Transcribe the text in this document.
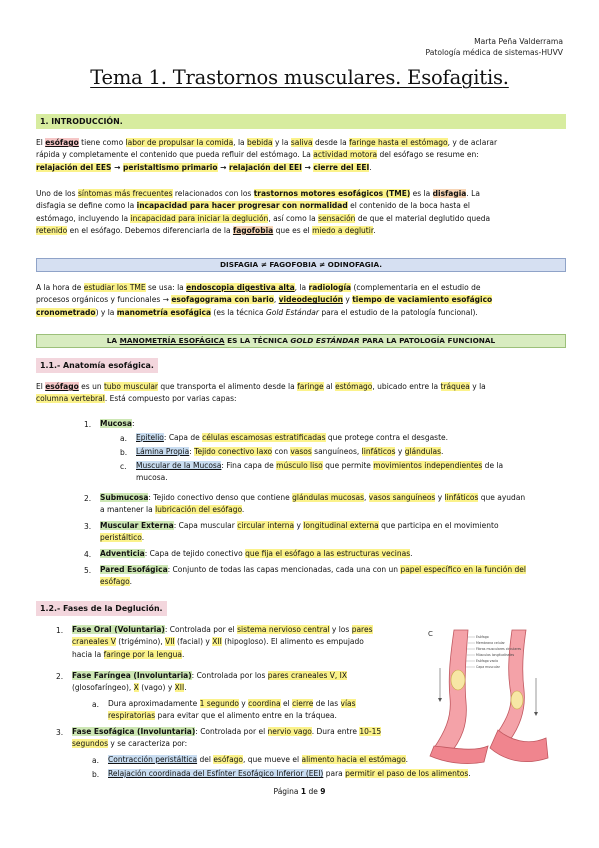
Marta Peña Valderrama
Patología médica de sistemas-HUVV
Tema 1. Trastornos musculares. Esofagitis.
1. INTRODUCCIÓN.
El esófago tiene como labor de propulsar la comida, la bebida y la saliva desde la faringe hasta el estómago, y de aclarar
rápida y completamente el contenido que pueda refluir del estómago. La actividad motora del esófago se resume en:
relajación del EES → peristaltismo primario → relajación del EEI → cierre del EEI.
Uno de los síntomas más frecuentes relacionados con los trastornos motores esofágicos (TME) es la disfagia. La
disfagia se define como la incapacidad para hacer progresar con normalidad el contenido de la boca hasta el
estómago, incluyendo la incapacidad para iniciar la deglución, así como la sensación de que el material deglutido queda
retenido en el esófago. Debemos diferenciarla de la fagofobia que es el miedo a deglutir.
DISFAGIA ≠ FAGOFOBIA ≠ ODINOFAGIA.
A la hora de estudiar los TME se usa: la endoscopia digestiva alta, la radiología (complementaria en el estudio de
procesos orgánicos y funcionales → esofagograma con bario, videodeglución y tiempo de vaciamiento esofágico
cronometrado) y la manometría esofágica (es la técnica Gold Estándar para el estudio de la patología funcional).
LA MANOMETRÍA ESOFÁGICA ES LA TÉCNICA GOLD ESTÁNDAR PARA LA PATOLOGÍA FUNCIONAL
1.1.- Anatomía esofágica.
El esófago es un tubo muscular que transporta el alimento desde la faringe al estómago, ubicado entre la tráquea y la
columna vertebral. Está compuesto por varias capas:
1. Mucosa:
a. Epitelio: Capa de células escamosas estratificadas que protege contra el desgaste.
b. Lámina Propia: Tejido conectivo laxo con vasos sanguíneos, linfáticos y glándulas.
c. Muscular de la Mucosa: Fina capa de músculo liso que permite movimientos independientes de la
mucosa.
2. Submucosa: Tejido conectivo denso que contiene glándulas mucosas, vasos sanguíneos y linfáticos que ayudan
a mantener la lubricación del esófago.
3. Muscular Externa: Capa muscular circular interna y longitudinal externa que participa en el movimiento
peristáltico.
4. Adventicia: Capa de tejido conectivo que fija el esófago a las estructuras vecinas.
5. Pared Esofágica: Conjunto de todas las capas mencionadas, cada una con un papel específico en la función del
esófago.
1.2.- Fases de la Deglución.
1. Fase Oral (Voluntaria): Controlada por el sistema nervioso central y los pares
craneales V (trigémino), VII (facial) y XII (hipogloso). El alimento es empujado
hacia la faringe por la lengua.
2. Fase Faríngea (Involuntaria): Controlada por los pares craneales V, IX
(glosofaríngeo), X (vago) y XII.
a. Dura aproximadamente 1 segundo y coordina el cierre de las vías
respiratorias para evitar que el alimento entre en la tráquea.
3. Fase Esofágica (Involuntaria): Controlada por el nervio vago. Dura entre 10-15
segundos y se caracteriza por:
a. Contracción peristáltica del esófago, que mueve el alimento hacia el estómago.
b. Relajación coordinada del Esfínter Esofágico Inferior (EEI) para permitir el paso de los alimentos.
C	Esófago
Membrana celular
Fibras musculares circulares
Músculos longitudinales
Esófago vacío
Capa muscular
Página 1 de 9
